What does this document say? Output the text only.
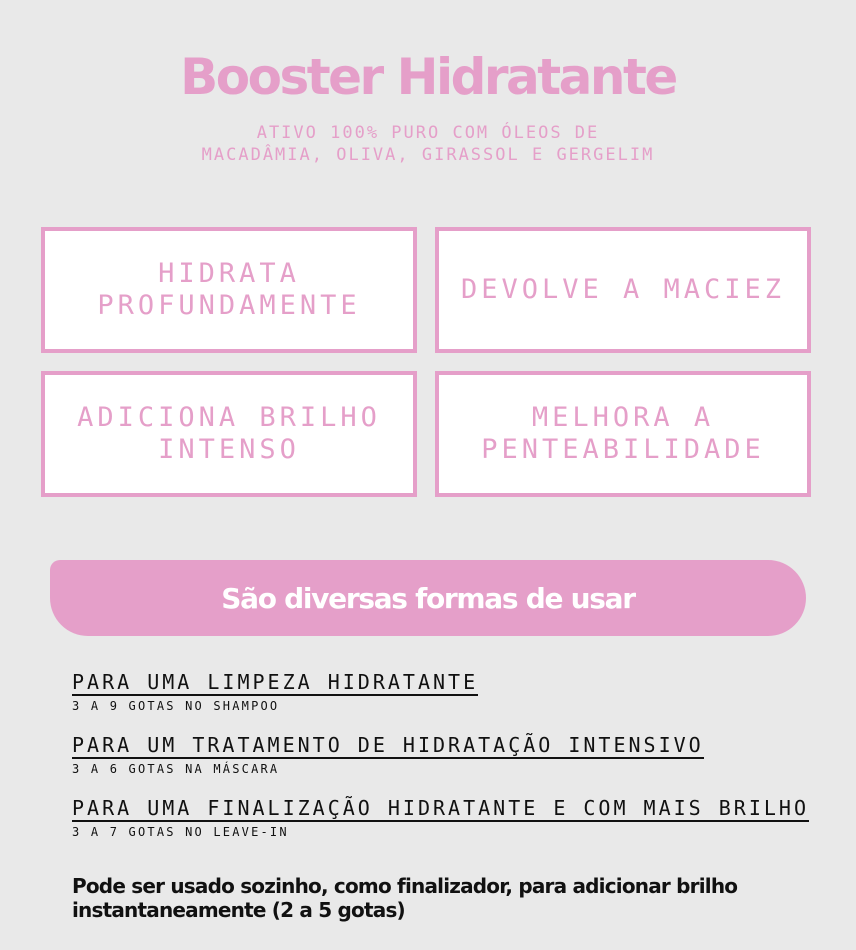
Booster Hidratante
ATIVO 100% PURO COM ÓLEOS DE
MACADÂMIA, OLIVA, GIRASSOL E GERGELIM
HIDRATA
PROFUNDAMENTE
DEVOLVE A MACIEZ
ADICIONA BRILHO
INTENSO
MELHORA A
PENTEABILIDADE
São diversas formas de usar
PARA UMA LIMPEZA HIDRATANTE
3 A 9 GOTAS NO SHAMPOO
PARA UM TRATAMENTO DE HIDRATAÇÃO INTENSIVO
3 A 6 GOTAS NA MÁSCARA
PARA UMA FINALIZAÇÃO HIDRATANTE E COM MAIS BRILHO
3 A 7 GOTAS NO LEAVE-IN
Pode ser usado sozinho, como finalizador, para adicionar brilho
instantaneamente (2 a 5 gotas)
